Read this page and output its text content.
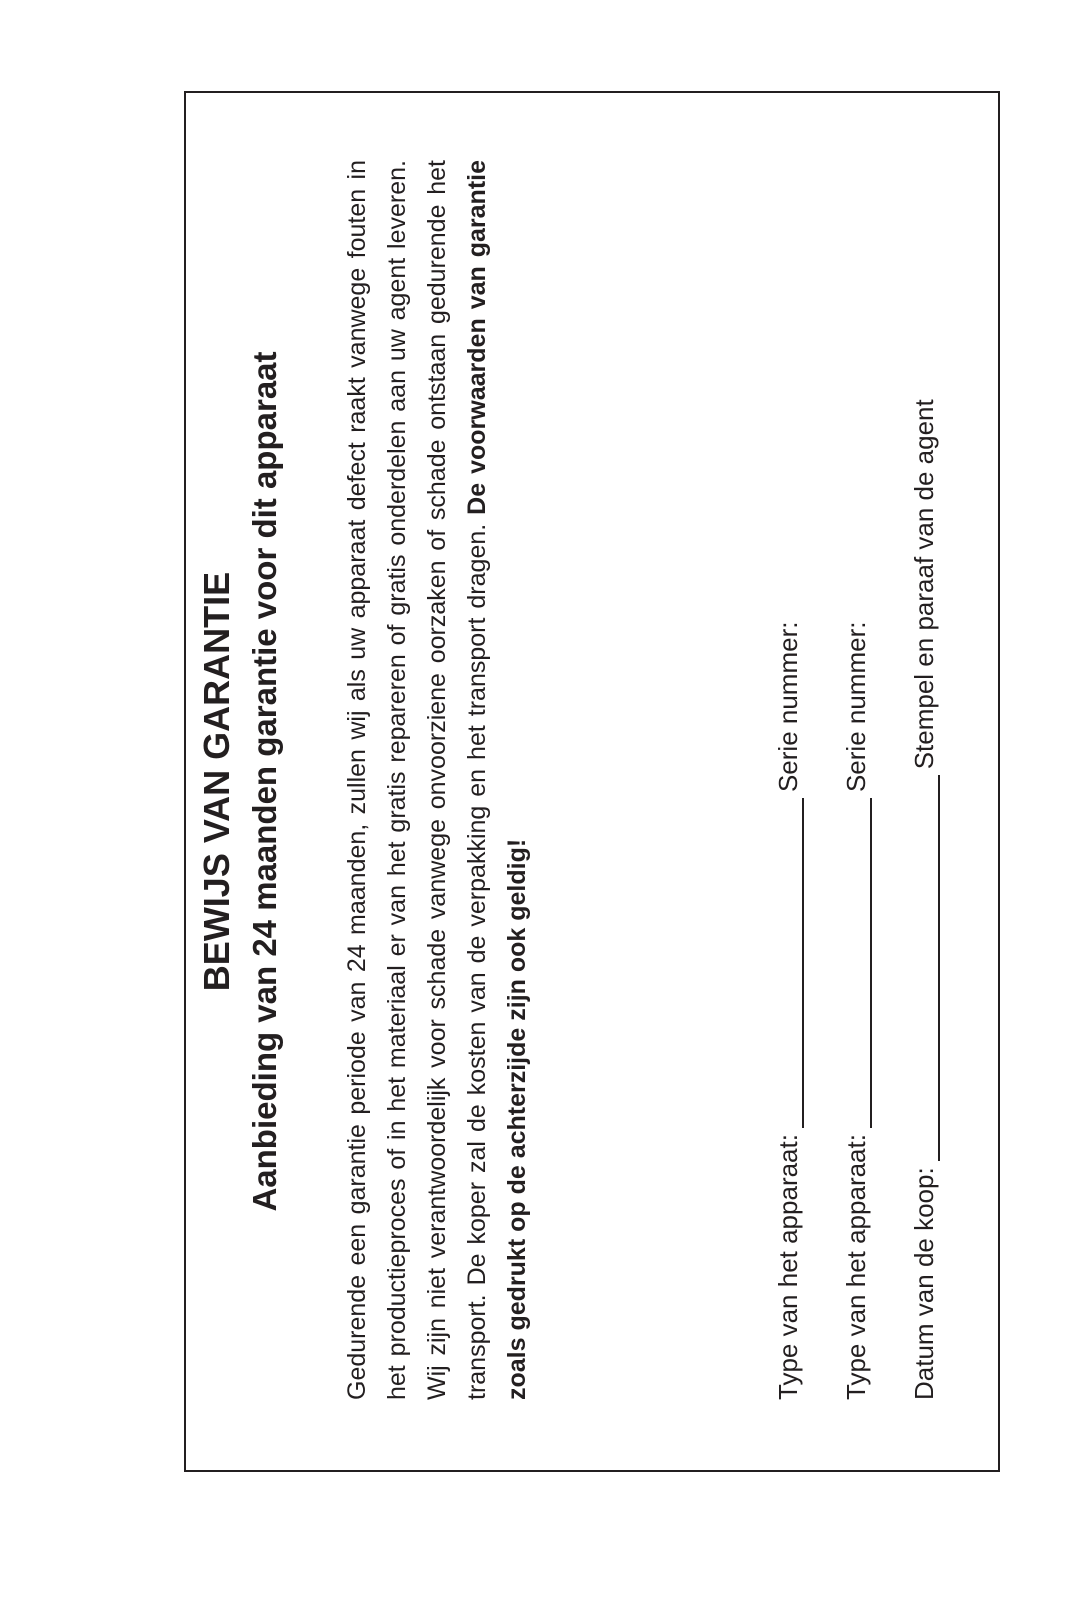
BEWIJS VAN GARANTIE Aanbieding van 24 maanden garantie voor dit apparaat Gedurende een garantie periode van 24 maanden, zullen wij als uw apparaat defect raakt vanwege fouten in het productieproces of in het materiaal er van het gratis repareren of gratis onderdelen aan uw agent leveren. Wij zijn niet verantwoordelijk voor schade vanwege onvoorziene oorzaken of schade ontstaan gedurende het transport. De koper zal de kosten van de verpakking en het transport dragen. De voorwaarden van garantie zoals gedrukt op de achterzijde zijn ook geldig!	Type van het apparaat:
Serie nummer:
Type van het apparaat:
Serie nummer:
Datum van de koop:
Stempel en paraaf van de agent
